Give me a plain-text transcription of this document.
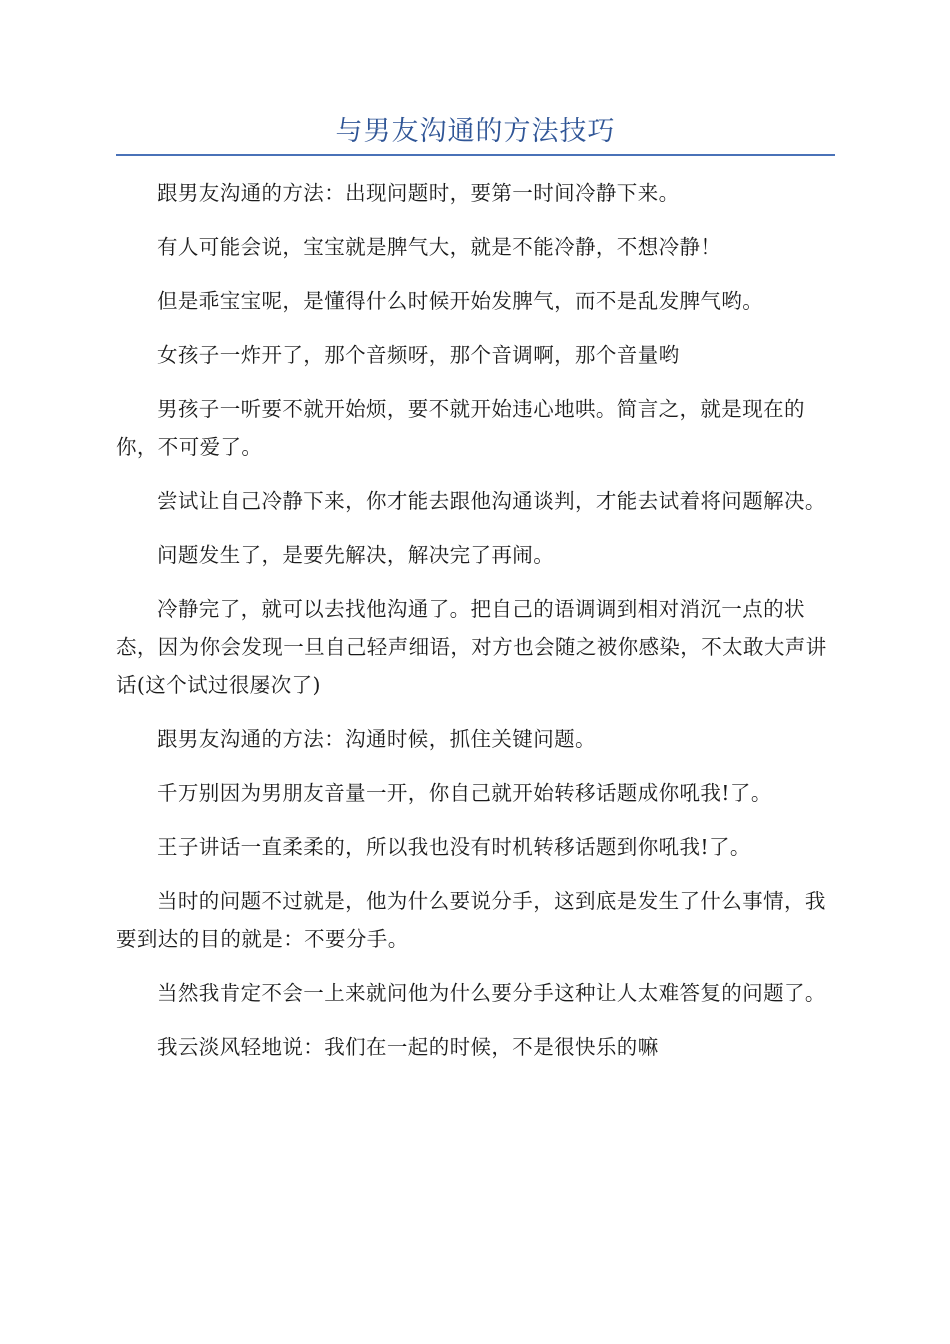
与男友沟通的方法技巧

跟男友沟通的方法：出现问题时，要第一时间冷静下来。

有人可能会说，宝宝就是脾气大，就是不能冷静，不想冷静！

但是乖宝宝呢，是懂得什么时候开始发脾气，而不是乱发脾气哟。

女孩子一炸开了，那个音频呀，那个音调啊，那个音量哟

男孩子一听要不就开始烦，要不就开始违心地哄。简言之，就是现在的你，不可爱了。

尝试让自己冷静下来，你才能去跟他沟通谈判，才能去试着将问题解决。

问题发生了，是要先解决，解决完了再闹。

冷静完了，就可以去找他沟通了。把自己的语调调到相对消沉一点的状态，因为你会发现一旦自己轻声细语，对方也会随之被你感染，不太敢大声讲话(这个试过很屡次了)

跟男友沟通的方法：沟通时候，抓住关键问题。

千万别因为男朋友音量一开，你自己就开始转移话题成你吼我!了。

王子讲话一直柔柔的，所以我也没有时机转移话题到你吼我!了。

当时的问题不过就是，他为什么要说分手，这到底是发生了什么事情，我要到达的目的就是：不要分手。

当然我肯定不会一上来就问他为什么要分手这种让人太难答复的问题了。

我云淡风轻地说：我们在一起的时候，不是很快乐的嘛
